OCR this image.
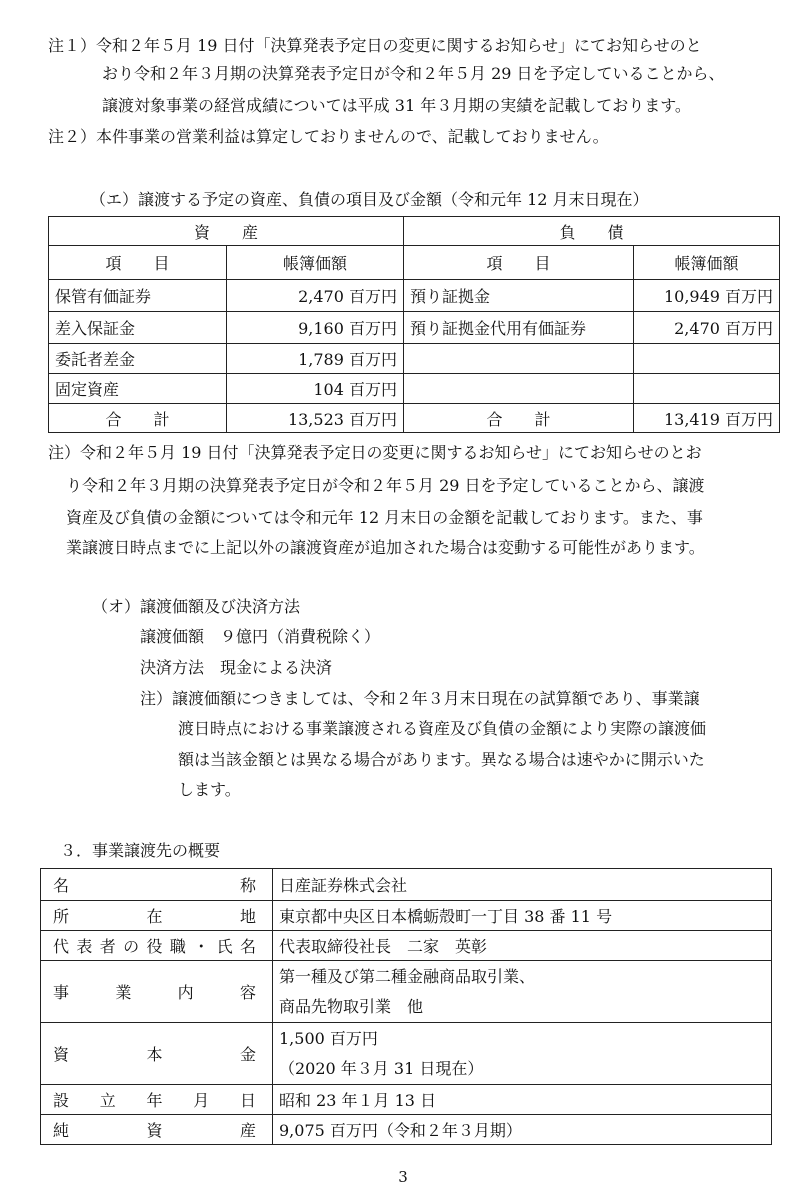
注１）令和２年５月 19 日付「決算発表予定日の変更に関するお知らせ」にてお知らせのと
おり令和２年３月期の決算発表予定日が令和２年５月 29 日を予定していることから、
譲渡対象事業の経営成績については平成 31 年３月期の実績を記載しております。
注２）本件事業の営業利益は算定しておりませんので、記載しておりません。
（エ）譲渡する予定の資産、負債の項目及び金額（令和元年 12 月末日現在）
資　　産		負　　債	
項　　目	帳簿価額	項　　目	帳簿価額
保管有価証券	2,470 百万円	預り証拠金	10,949 百万円
差入保証金	9,160 百万円	預り証拠金代用有価証券	2,470 百万円
委託者差金	1,789 百万円		
固定資産	104 百万円		
合　　計	13,523 百万円	合　　計	13,419 百万円
注）令和２年５月 19 日付「決算発表予定日の変更に関するお知らせ」にてお知らせのとお
り令和２年３月期の決算発表予定日が令和２年５月 29 日を予定していることから、譲渡
資産及び負債の金額については令和元年 12 月末日の金額を記載しております。また、事
業譲渡日時点までに上記以外の譲渡資産が追加された場合は変動する可能性があります。
（オ）譲渡価額及び決済方法
譲渡価額　９億円（消費税除く）
決済方法　現金による決済
注）譲渡価額につきましては、令和２年３月末日現在の試算額であり、事業譲
渡日時点における事業譲渡される資産及び負債の金額により実際の譲渡価
額は当該金額とは異なる場合があります。異なる場合は速やかに開示いた
します。
３．事業譲渡先の概要
名称	日産証券株式会社
所在地	東京都中央区日本橋蛎殻町一丁目 38 番 11 号
代表者の役職・氏名	代表取締役社長　二家　英彰
事業内容	第一種及び第二種金融商品取引業、
商品先物取引業　他

資本金	1,500 百万円
（2020 年３月 31 日現在）

設立年月日	昭和 23 年１月 13 日
純資産	9,075 百万円（令和２年３月期）
3
